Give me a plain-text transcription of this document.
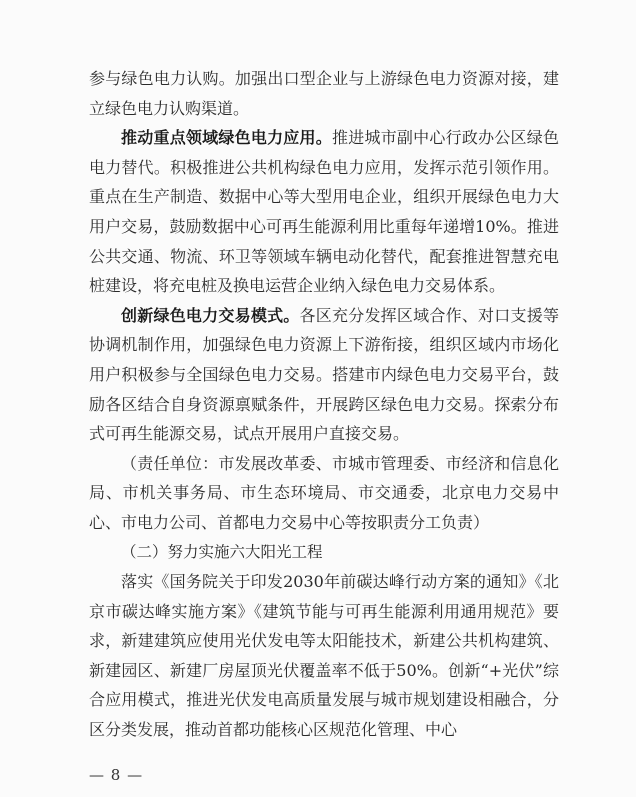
参与绿色电力认购。加强出口型企业与上游绿色电力资源对接，建立绿色电力认购渠道。

推动重点领域绿色电力应用。推进城市副中心行政办公区绿色电力替代。积极推进公共机构绿色电力应用，发挥示范引领作用。重点在生产制造、数据中心等大型用电企业，组织开展绿色电力大用户交易，鼓励数据中心可再生能源利用比重每年递增10%。推进公共交通、物流、环卫等领域车辆电动化替代，配套推进智慧充电桩建设，将充电桩及换电运营企业纳入绿色电力交易体系。

创新绿色电力交易模式。各区充分发挥区域合作、对口支援等协调机制作用，加强绿色电力资源上下游衔接，组织区域内市场化用户积极参与全国绿色电力交易。搭建市内绿色电力交易平台，鼓励各区结合自身资源禀赋条件，开展跨区绿色电力交易。探索分布式可再生能源交易，试点开展用户直接交易。

（责任单位：市发展改革委、市城市管理委、市经济和信息化局、市机关事务局、市生态环境局、市交通委，北京电力交易中心、市电力公司、首都电力交易中心等按职责分工负责）

（二）努力实施六大阳光工程

落实《国务院关于印发2030年前碳达峰行动方案的通知》《北京市碳达峰实施方案》《建筑节能与可再生能源利用通用规范》要求，新建建筑应使用光伏发电等太阳能技术，新建公共机构建筑、新建园区、新建厂房屋顶光伏覆盖率不低于50%。创新“+光伏”综合应用模式，推进光伏发电高质量发展与城市规划建设相融合，分区分类发展，推动首都功能核心区规范化管理、中心

— 8 —
